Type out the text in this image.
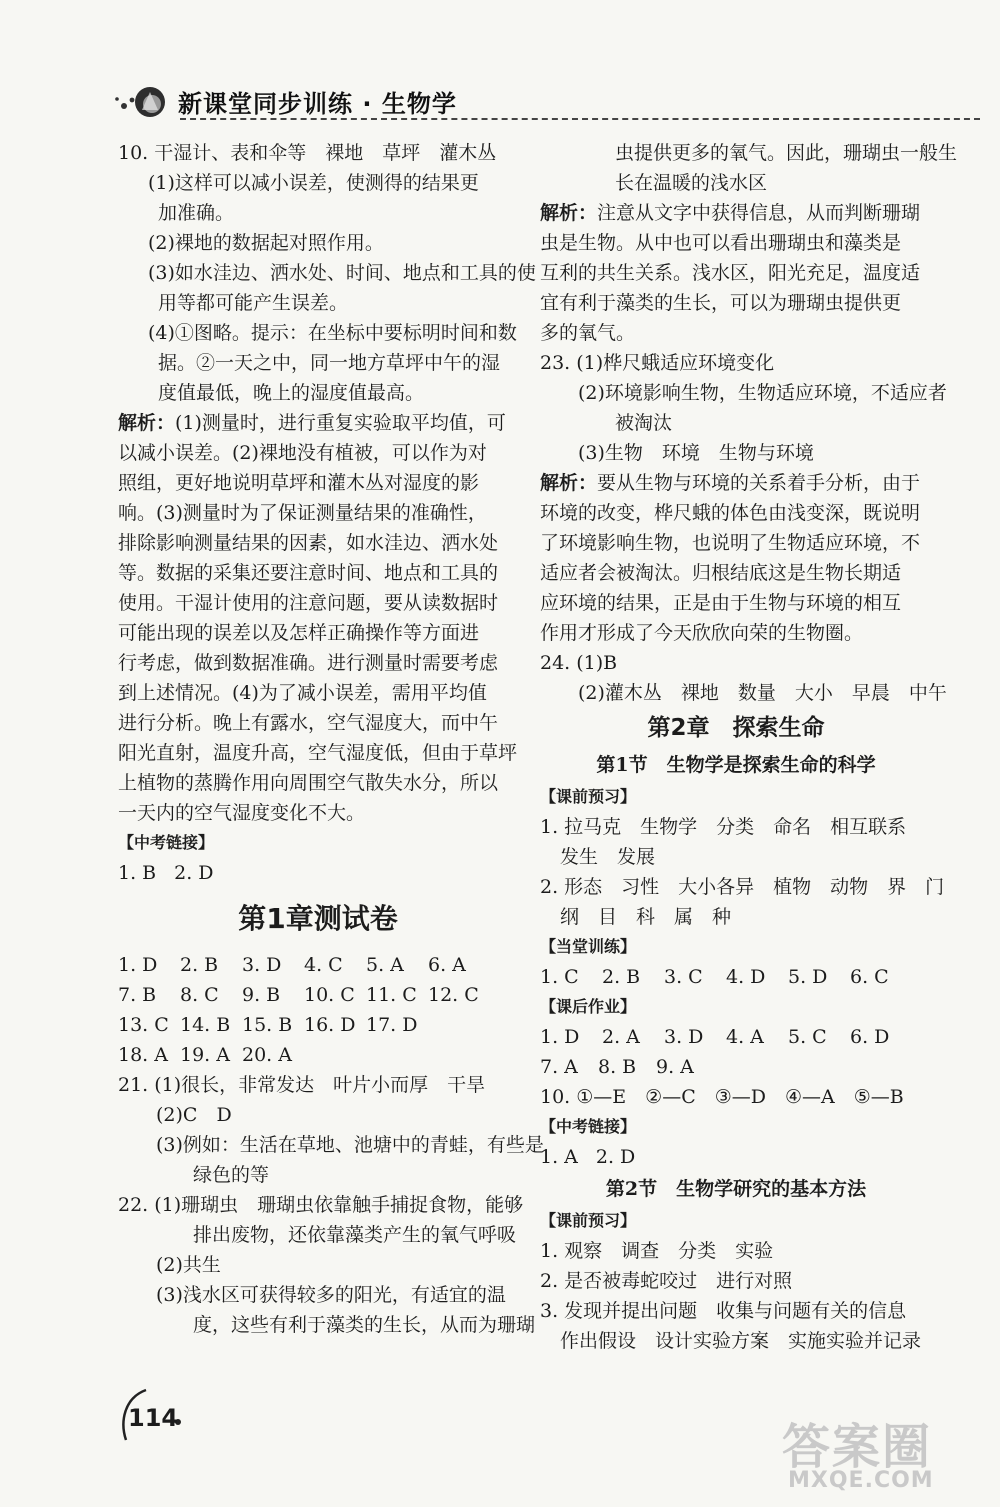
新课堂同步训练 · 生物学
10. 干湿计、表和伞等　裸地　草坪　灌木丛
(1)这样可以减小误差，使测得的结果更
加准确。
(2)裸地的数据起对照作用。
(3)如水洼边、洒水处、时间、地点和工具的使
用等都可能产生误差。
(4)①图略。提示：在坐标中要标明时间和数
据。②一天之中，同一地方草坪中午的湿
度值最低，晚上的湿度值最高。
解析：(1)测量时，进行重复实验取平均值，可
以减小误差。(2)裸地没有植被，可以作为对
照组，更好地说明草坪和灌木丛对湿度的影
响。(3)测量时为了保证测量结果的准确性，
排除影响测量结果的因素，如水洼边、洒水处
等。数据的采集还要注意时间、地点和工具的
使用。干湿计使用的注意问题，要从读数据时
可能出现的误差以及怎样正确操作等方面进
行考虑，做到数据准确。进行测量时需要考虑
到上述情况。(4)为了减小误差，需用平均值
进行分析。晚上有露水，空气湿度大，而中午
阳光直射，温度升高，空气湿度低，但由于草坪
上植物的蒸腾作用向周围空气散失水分，所以
一天内的空气湿度变化不大。
【中考链接】
1. B 2. D
第1章测试卷
1. D	2. B	3. D	4. C	5. A	6. A
7. B	8. C	9. B	10. C 11. C 12. C
13. C 14. B 15. B 16. D 17. D
18. A 19. A 20. A
21. (1)很长，非常发达　叶片小而厚　干旱
(2)C　D
(3)例如：生活在草地、池塘中的青蛙，有些是
绿色的等
22. (1)珊瑚虫　珊瑚虫依靠触手捕捉食物，能够
排出废物，还依靠藻类产生的氧气呼吸
(2)共生
(3)浅水区可获得较多的阳光，有适宜的温
度，这些有利于藻类的生长，从而为珊瑚
虫提供更多的氧气。因此，珊瑚虫一般生
长在温暖的浅水区
解析：注意从文字中获得信息，从而判断珊瑚
虫是生物。从中也可以看出珊瑚虫和藻类是
互利的共生关系。浅水区，阳光充足，温度适
宜有利于藻类的生长，可以为珊瑚虫提供更
多的氧气。
23. (1)桦尺蛾适应环境变化
(2)环境影响生物，生物适应环境，不适应者
被淘汰
(3)生物　环境　生物与环境
解析：要从生物与环境的关系着手分析，由于
环境的改变，桦尺蛾的体色由浅变深，既说明
了环境影响生物，也说明了生物适应环境，不
适应者会被淘汰。归根结底这是生物长期适
应环境的结果，正是由于生物与环境的相互
作用才形成了今天欣欣向荣的生物圈。
24. (1)B
(2)灌木丛　裸地　数量　大小　早晨　中午
第2章　探索生命
第1节　生物学是探索生命的科学
【课前预习】
1. 拉马克　生物学　分类　命名　相互联系
发生　发展
2. 形态　习性　大小各异　植物　动物　界　门
纲　目　科　属　种
【当堂训练】
1. C	2. B	3. C	4. D	5. D	6. C
【课后作业】
1. D	2. A	3. D	4. A	5. C	6. D
7. A	8. B	9. A
10. ①—E　②—C　③—D　④—A　⑤—B
【中考链接】
1. A 2. D
第2节　生物学研究的基本方法
【课前预习】
1. 观察　调查　分类　实验
2. 是否被毒蛇咬过　进行对照
3. 发现并提出问题　收集与问题有关的信息
作出假设　设计实验方案　实施实验并记录
114
答案圈
MXQE.COM
